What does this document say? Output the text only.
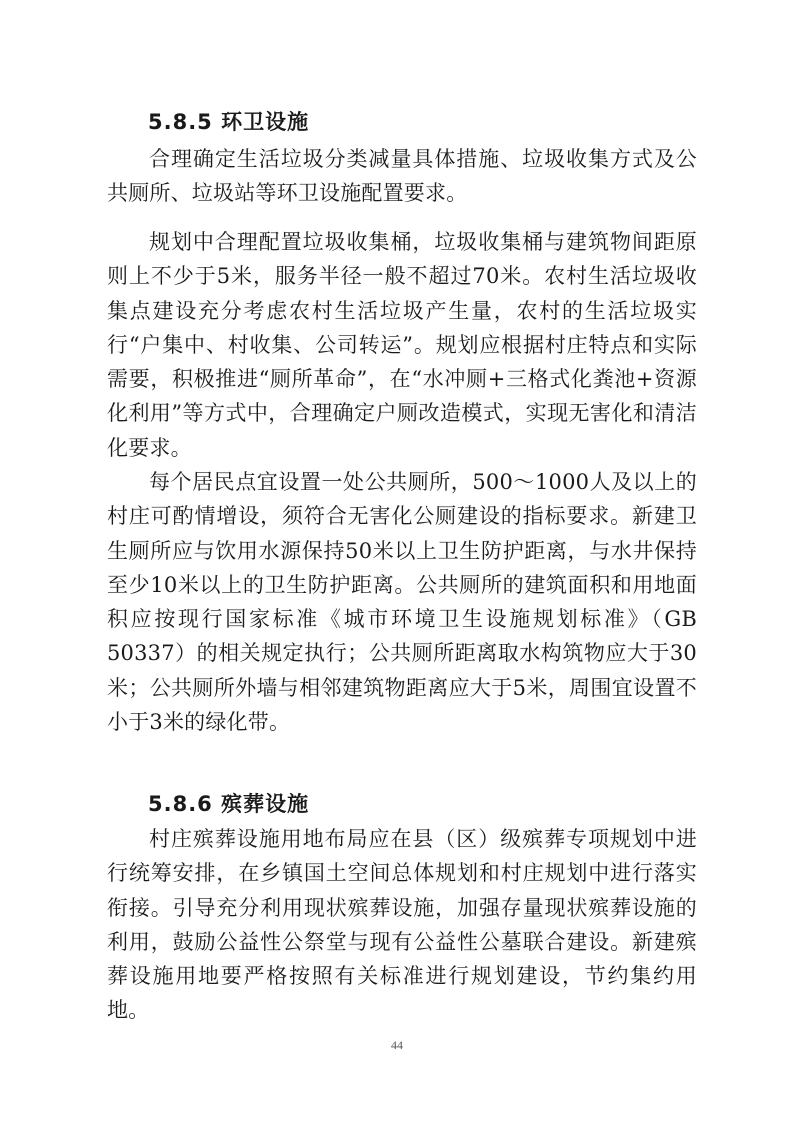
5.8.5 环卫设施

合理确定生活垃圾分类减量具体措施、垃圾收集方式及公共厕所、垃圾站等环卫设施配置要求。

规划中合理配置垃圾收集桶，垃圾收集桶与建筑物间距原则上不少于5米，服务半径一般不超过70米。农村生活垃圾收集点建设充分考虑农村生活垃圾产生量，农村的生活垃圾实行“户集中、村收集、公司转运”。规划应根据村庄特点和实际需要，积极推进“厕所革命”，在“水冲厕+三格式化粪池+资源化利用”等方式中，合理确定户厕改造模式，实现无害化和清洁化要求。

每个居民点宜设置一处公共厕所，500～1000人及以上的村庄可酌情增设，须符合无害化公厕建设的指标要求。新建卫生厕所应与饮用水源保持50米以上卫生防护距离，与水井保持至少10米以上的卫生防护距离。公共厕所的建筑面积和用地面积应按现行国家标准《城市环境卫生设施规划标准》（GB 50337）的相关规定执行；公共厕所距离取水构筑物应大于30米；公共厕所外墙与相邻建筑物距离应大于5米，周围宜设置不小于3米的绿化带。

5.8.6 殡葬设施

村庄殡葬设施用地布局应在县（区）级殡葬专项规划中进行统筹安排，在乡镇国土空间总体规划和村庄规划中进行落实衔接。引导充分利用现状殡葬设施，加强存量现状殡葬设施的利用，鼓励公益性公祭堂与现有公益性公墓联合建设。新建殡葬设施用地要严格按照有关标准进行规划建设，节约集约用地。

44
